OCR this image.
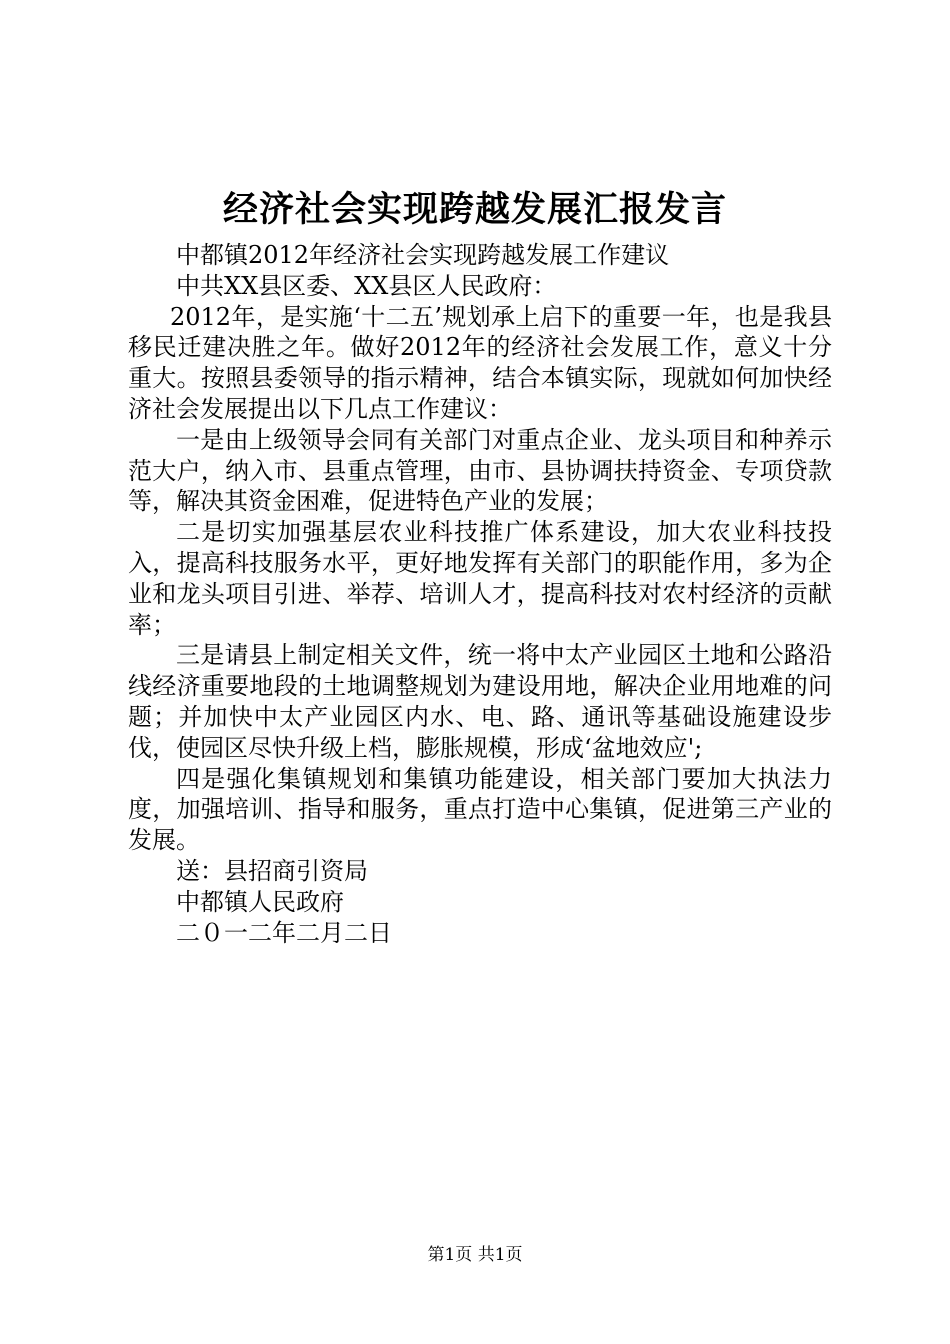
经济社会实现跨越发展汇报发言

中都镇2012年经济社会实现跨越发展工作建议

中共XX县区委、XX县区人民政府：

2012年，是实施‘十二五’规划承上启下的重要一年，也是我县移民迁建决胜之年。做好2012年的经济社会发展工作，意义十分重大。按照县委领导的指示精神，结合本镇实际，现就如何加快经济社会发展提出以下几点工作建议：

一是由上级领导会同有关部门对重点企业、龙头项目和种养示范大户，纳入市、县重点管理，由市、县协调扶持资金、专项贷款等，解决其资金困难，促进特色产业的发展；

二是切实加强基层农业科技推广体系建设，加大农业科技投入，提高科技服务水平，更好地发挥有关部门的职能作用，多为企业和龙头项目引进、举荐、培训人才，提高科技对农村经济的贡献率；

三是请县上制定相关文件，统一将中太产业园区土地和公路沿线经济重要地段的土地调整规划为建设用地，解决企业用地难的问题；并加快中太产业园区内水、电、路、通讯等基础设施建设步伐，使园区尽快升级上档，膨胀规模，形成‘盆地效应';

四是强化集镇规划和集镇功能建设，相关部门要加大执法力度，加强培训、指导和服务，重点打造中心集镇，促进第三产业的发展。

送：县招商引资局

中都镇人民政府

二０一二年二月二日

第1页 共1页
